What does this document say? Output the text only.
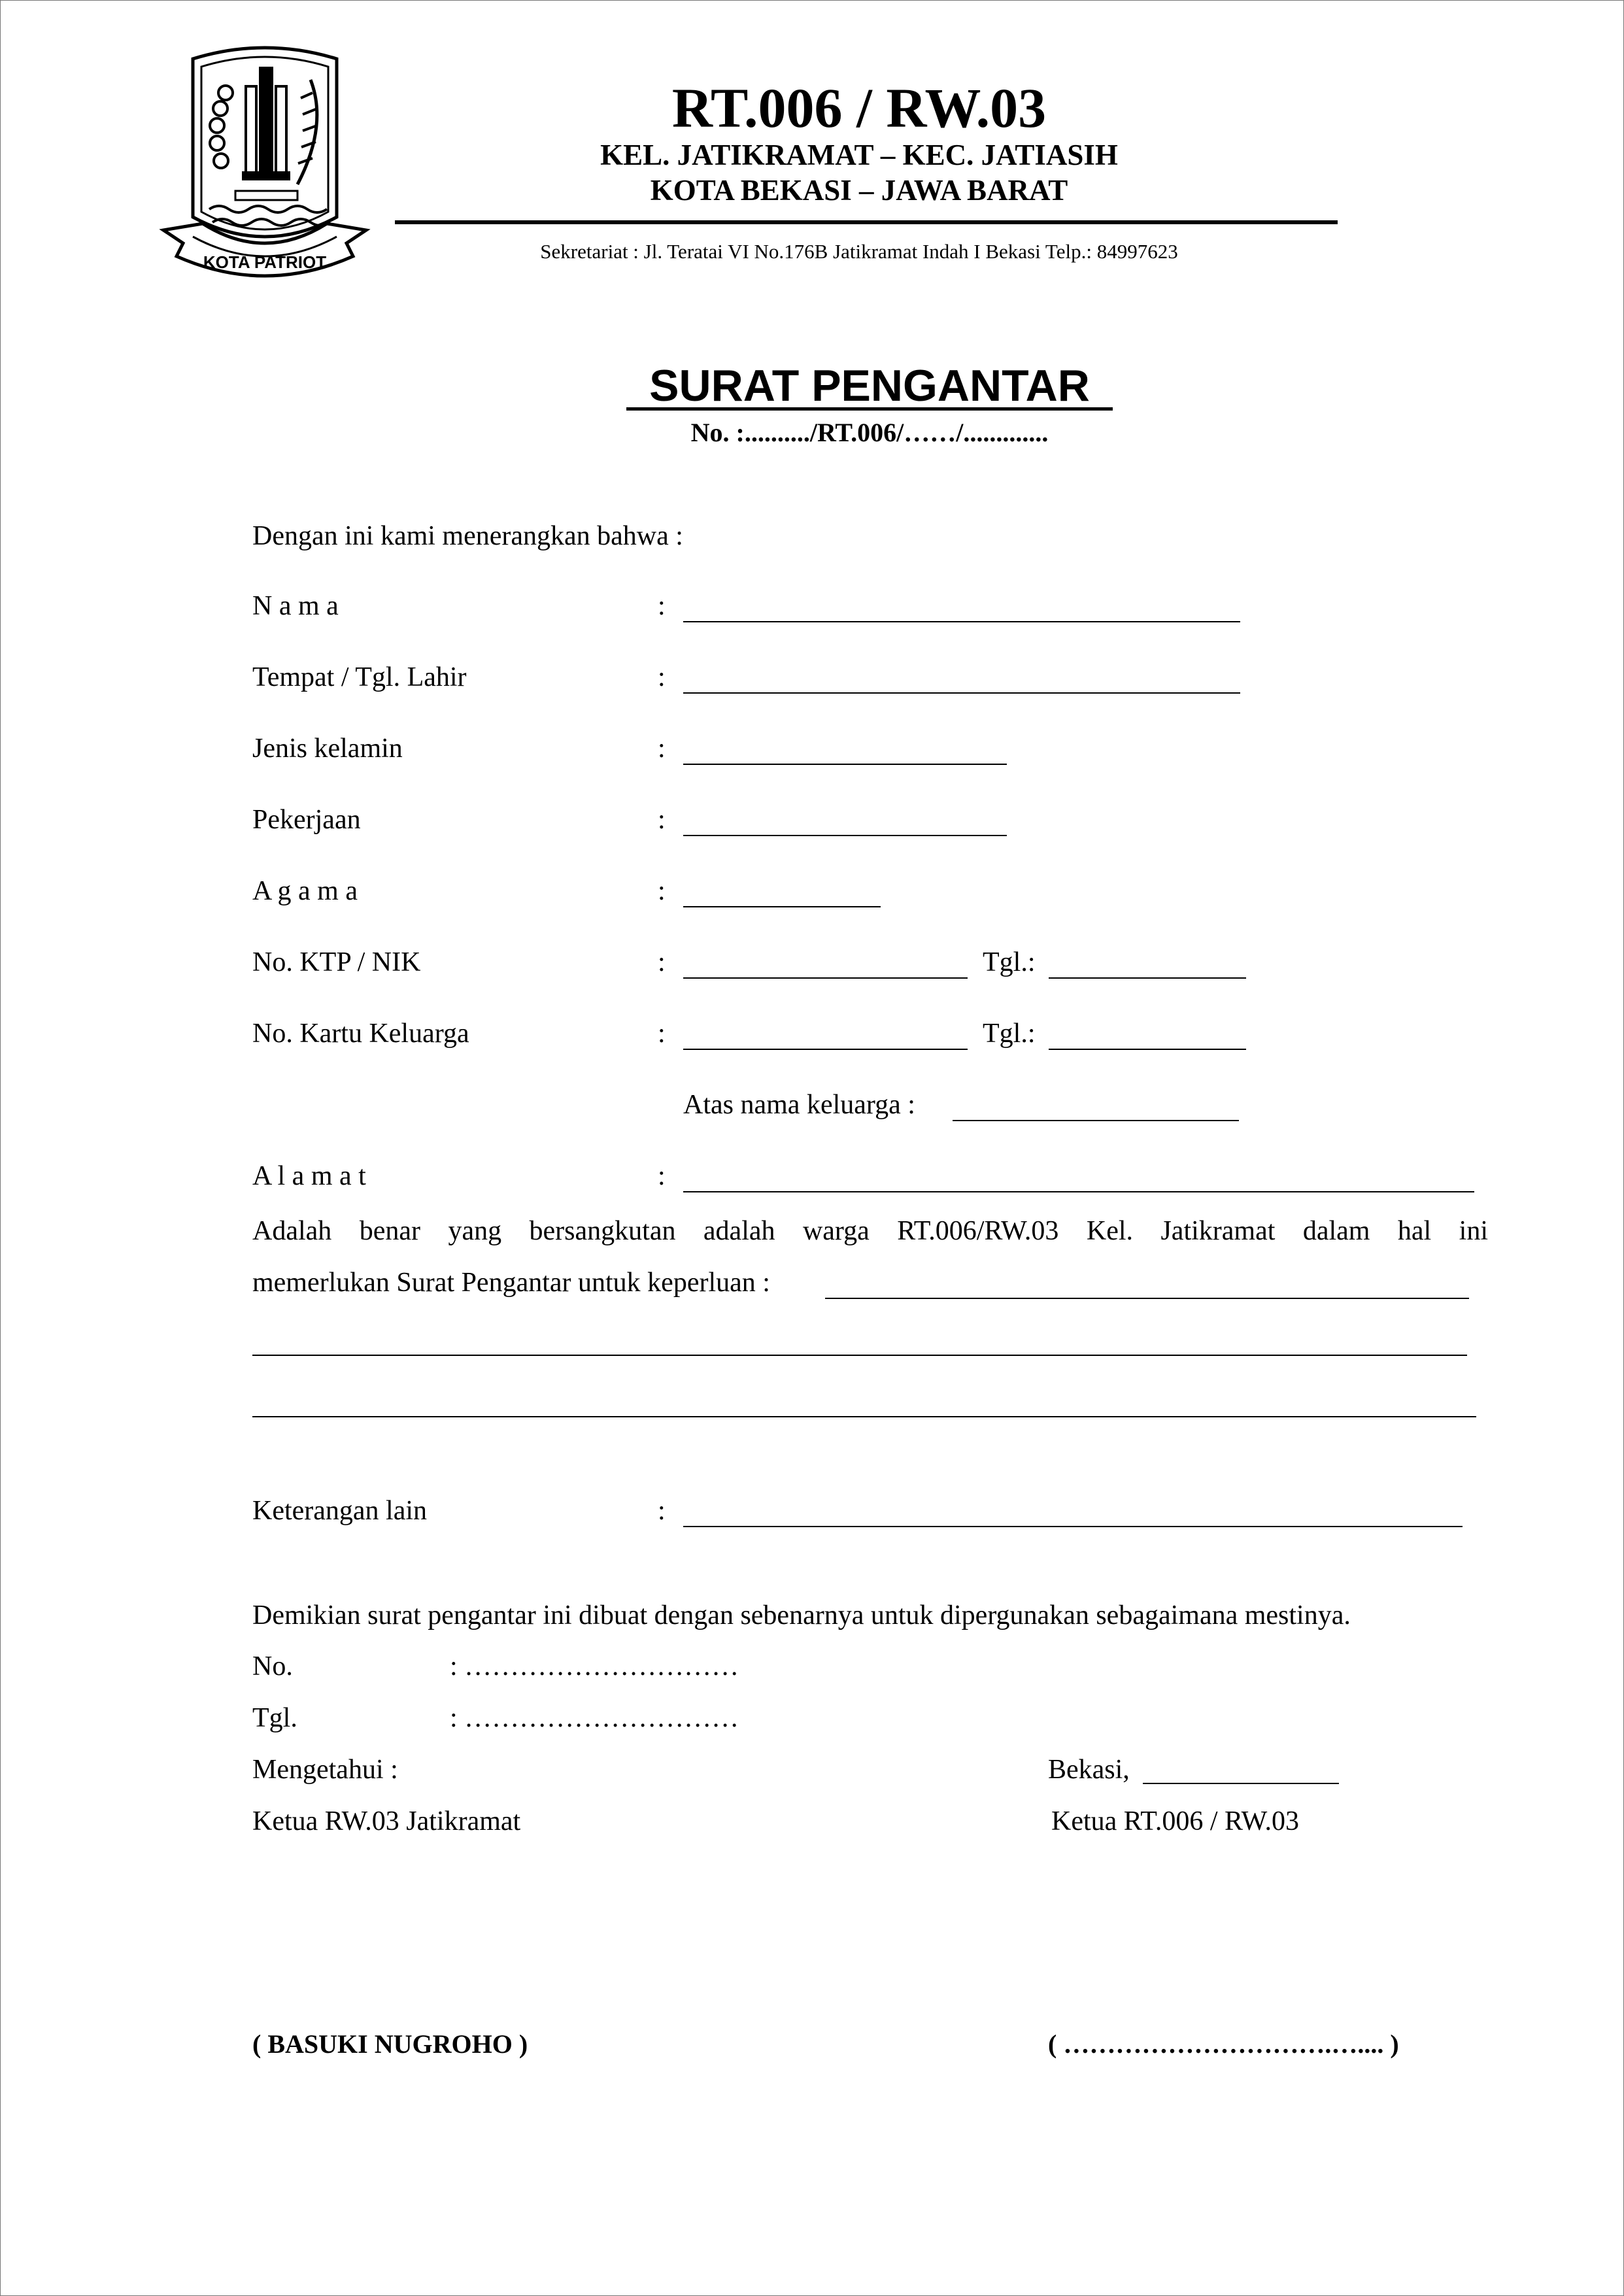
KOTA PATRIOT
RT.006 / RW.03
KEL. JATIKRAMAT – KEC. JATIASIH
KOTA BEKASI – JAWA BARAT
Sekretariat : Jl. Teratai VI No.176B Jatikramat Indah I Bekasi Telp.: 84997623
SURAT PENGANTAR
No. :........../RT.006/……/.............
Dengan ini kami menerangkan bahwa :
N a m a	:
Tempat / Tgl. Lahir	:
Jenis kelamin	:
Pekerjaan	:
A g a m a	:
No. KTP / NIK	:	Tgl.:
No. Kartu Keluarga	:	Tgl.:
Atas nama keluarga :
A l a m a t	:
Adalah benar yang bersangkutan adalah warga RT.006/RW.03 Kel. Jatikramat dalam hal ini
memerlukan Surat Pengantar untuk keperluan :
Keterangan lain	:
Demikian surat pengantar ini dibuat dengan sebenarnya untuk dipergunakan sebagaimana mestinya.
No.	: …………………………
Tgl.	: …………………………
Mengetahui :	Bekasi,
Ketua RW.03 Jatikramat	Ketua RT.006 / RW.03
( BASUKI NUGROHO )	( ………………………….….... )
